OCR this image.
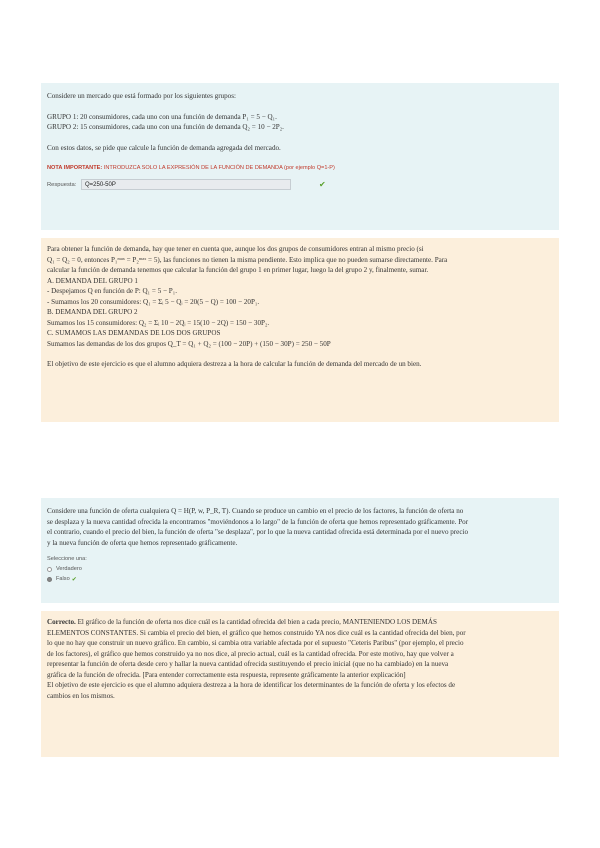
Considere un mercado que está formado por los siguientes grupos:
GRUPO 1: 20 consumidores, cada uno con una función de demanda P₁ = 5 − Q₁.
GRUPO 2: 15 consumidores, cada uno con una función de demanda Q₂ = 10 − 2P₂.
Con estos datos, se pide que calcule la función de demanda agregada del mercado.
NOTA IMPORTANTE: INTRODUZCA SOLO LA EXPRESIÓN DE LA FUNCIÓN DE DEMANDA (por ejemplo Q=1-P)
Respuesta:	Q=250-50P	✔
Para obtener la función de demanda, hay que tener en cuenta que, aunque los dos grupos de consumidores entran al mismo precio (si
Q₁ = Q₂ = 0, entonces P₁ᵐᵃˣ = P₂ᵐᵃˣ = 5), las funciones no tienen la misma pendiente. Esto implica que no pueden sumarse directamente. Para
calcular la función de demanda tenemos que calcular la función del grupo 1 en primer lugar, luego la del grupo 2 y, finalmente, sumar.
A. DEMANDA DEL GRUPO 1
- Despejamos Q en función de P: Q₁ = 5 − P₁.
- Sumamos los 20 consumidores: Q₁ = Σᵢ 5 − Qᵢ = 20(5 − Q) = 100 − 20P₁.
B. DEMANDA DEL GRUPO 2
Sumamos los 15 consumidores: Q₂ = Σᵢ 10 − 2Qᵢ = 15(10 − 2Q) = 150 − 30P₂.
C. SUMAMOS LAS DEMANDAS DE LOS DOS GRUPOS
Sumamos las demandas de los dos grupos Q_T = Q₁ + Q₂ = (100 − 20P) + (150 − 30P) = 250 − 50P
El objetivo de este ejercicio es que el alumno adquiera destreza a la hora de calcular la función de demanda del mercado de un bien.
Considere una función de oferta cualquiera Q = H(P, w, P_R, T). Cuando se produce un cambio en el precio de los factores, la función de oferta no
se desplaza y la nueva cantidad ofrecida la encontramos "moviéndonos a lo largo" de la función de oferta que hemos representado gráficamente. Por
el contrario, cuando el precio del bien, la función de oferta "se desplaza", por lo que la nueva cantidad ofrecida está determinada por el nuevo precio
y la nueva función de oferta que hemos representado gráficamente.
Seleccione una:
Verdadero
Falso ✔
Correcto. El gráfico de la función de oferta nos dice cuál es la cantidad ofrecida del bien a cada precio, MANTENIENDO LOS DEMÁS
ELEMENTOS CONSTANTES. Si cambia el precio del bien, el gráfico que hemos construido YA nos dice cuál es la cantidad ofrecida del bien, por
lo que no hay que construir un nuevo gráfico. En cambio, si cambia otra variable afectada por el supuesto "Ceteris Paribus" (por ejemplo, el precio
de los factores), el gráfico que hemos construido ya no nos dice, al precio actual, cuál es la cantidad ofrecida. Por este motivo, hay que volver a
representar la función de oferta desde cero y hallar la nueva cantidad ofrecida sustituyendo el precio inicial (que no ha cambiado) en la nueva
gráfica de la función de ofrecida. [Para entender correctamente esta respuesta, represente gráficamente la anterior explicación]
El objetivo de este ejercicio es que el alumno adquiera destreza a la hora de identificar los determinantes de la función de oferta y los efectos de
cambios en los mismos.
